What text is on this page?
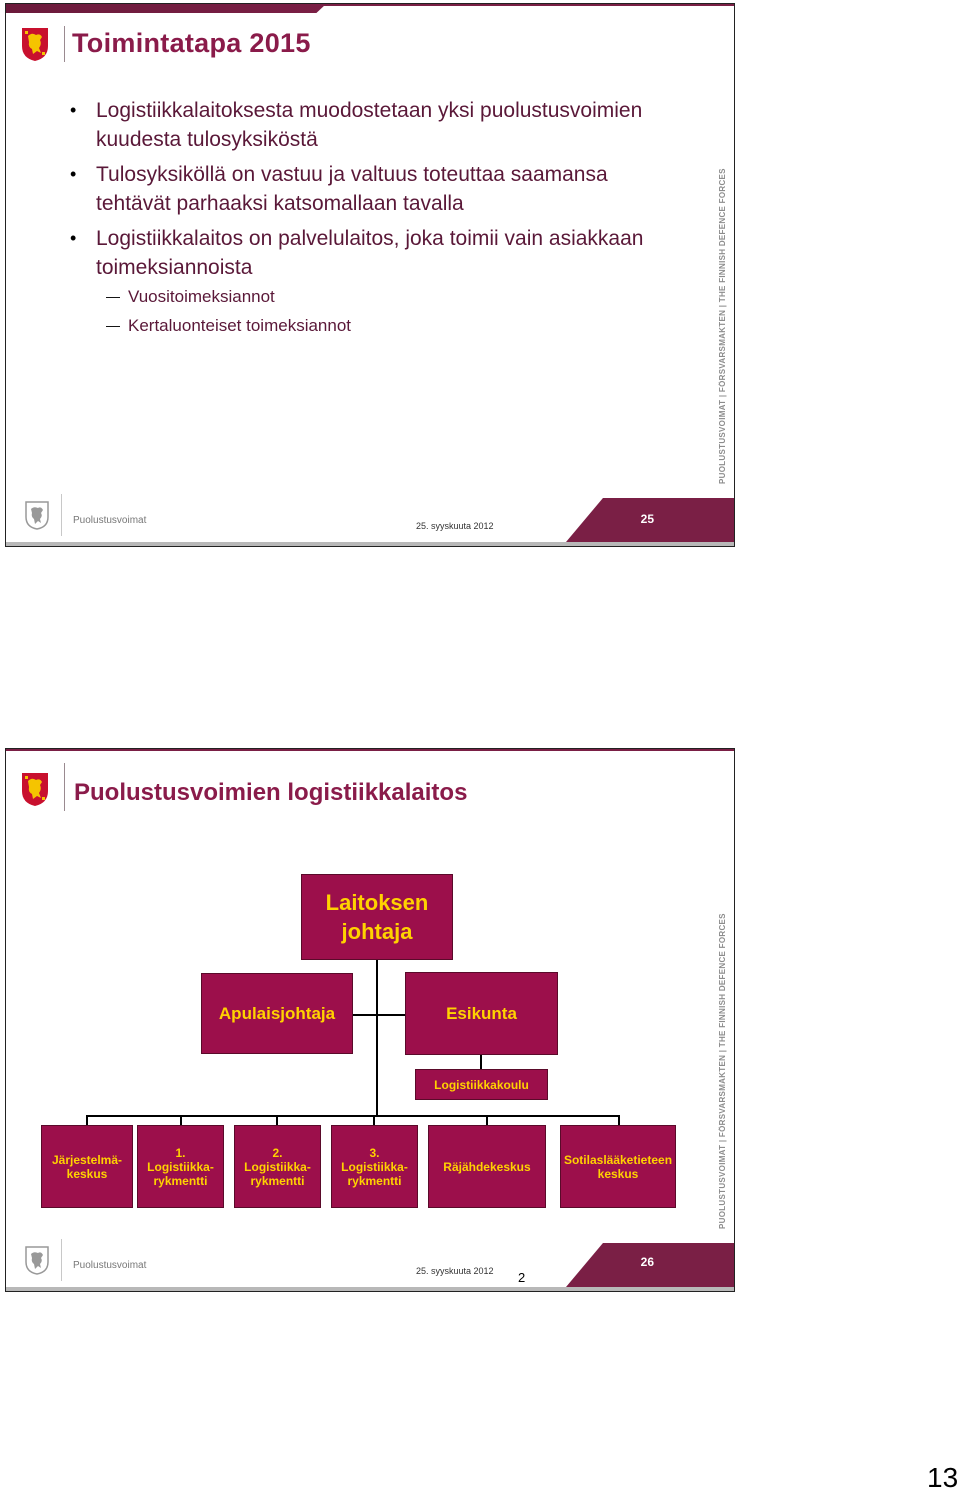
Toimintatapa 2015
• Logistiikkalaitoksesta muodostetaan yksi puolustusvoimien kuudesta tulosyksiköstä
• Tulosyksiköllä on vastuu ja valtuus toteuttaa saamansa tehtävät parhaaksi katsomallaan tavalla
• Logistiikkalaitos on palvelulaitos, joka toimii vain asiakkaan toimeksiannoista
— Vuositoimeksiannot
— Kertaluonteiset toimeksiannot	PUOLUSTUSVOIMAT | FÖRSVARSMAKTEN | THE FINNISH DEFENCE FORCES
Puolustusvoimat	25. syyskuuta 2012	25
Puolustusvoimien logistiikkalaitos
Laitoksen johtaja
Apulaisjohtaja	Esikunta
Logistiikkakoulu
Järjestelmä- keskus
1. Logistiikka- rykmentti
2. Logistiikka- rykmentti
3. Logistiikka- rykmentti
Räjähdekeskus	Sotilaslääketieteen keskus	PUOLUSTUSVOIMAT | FÖRSVARSMAKTEN | THE FINNISH DEFENCE FORCES
Puolustusvoimat	25. syyskuuta 2012 2
26
13
